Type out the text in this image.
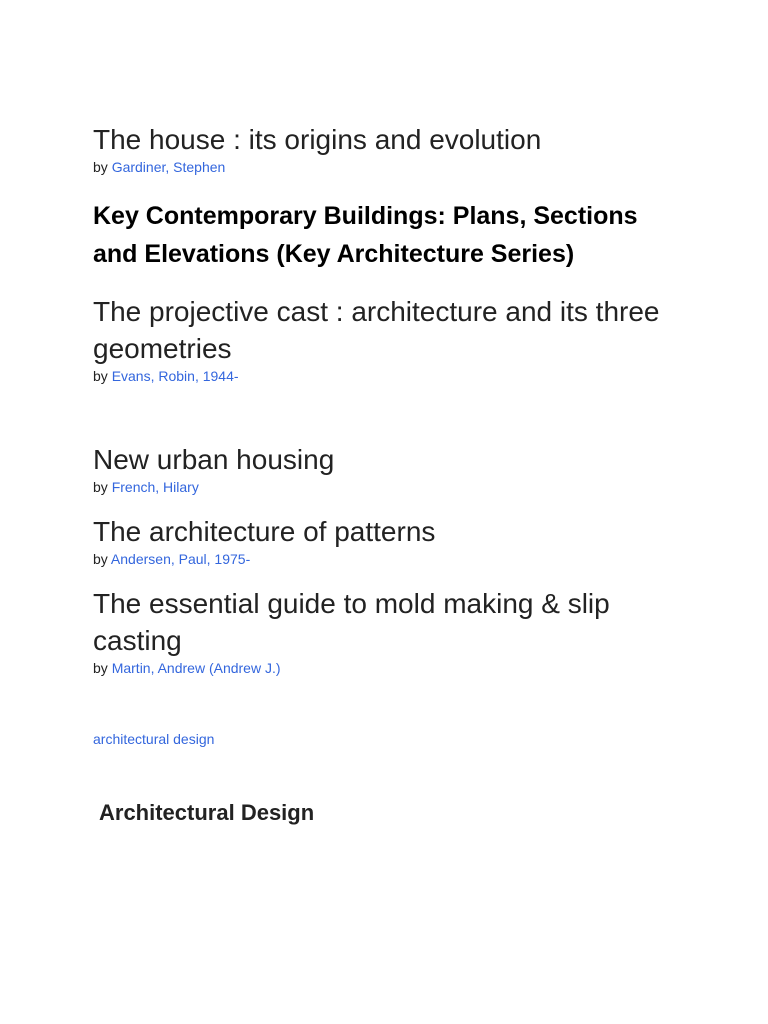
The house : its origins and evolution

by Gardiner, Stephen

Key Contemporary Buildings: Plans, Sections and Elevations (Key Architecture Series)
The projective cast : architecture and its three geometries

by Evans, Robin, 1944-

New urban housing

by French, Hilary

The architecture of patterns

by Andersen, Paul, 1975-

The essential guide to mold making & slip casting

by Martin, Andrew (Andrew J.)

architectural design
Architectural Design
